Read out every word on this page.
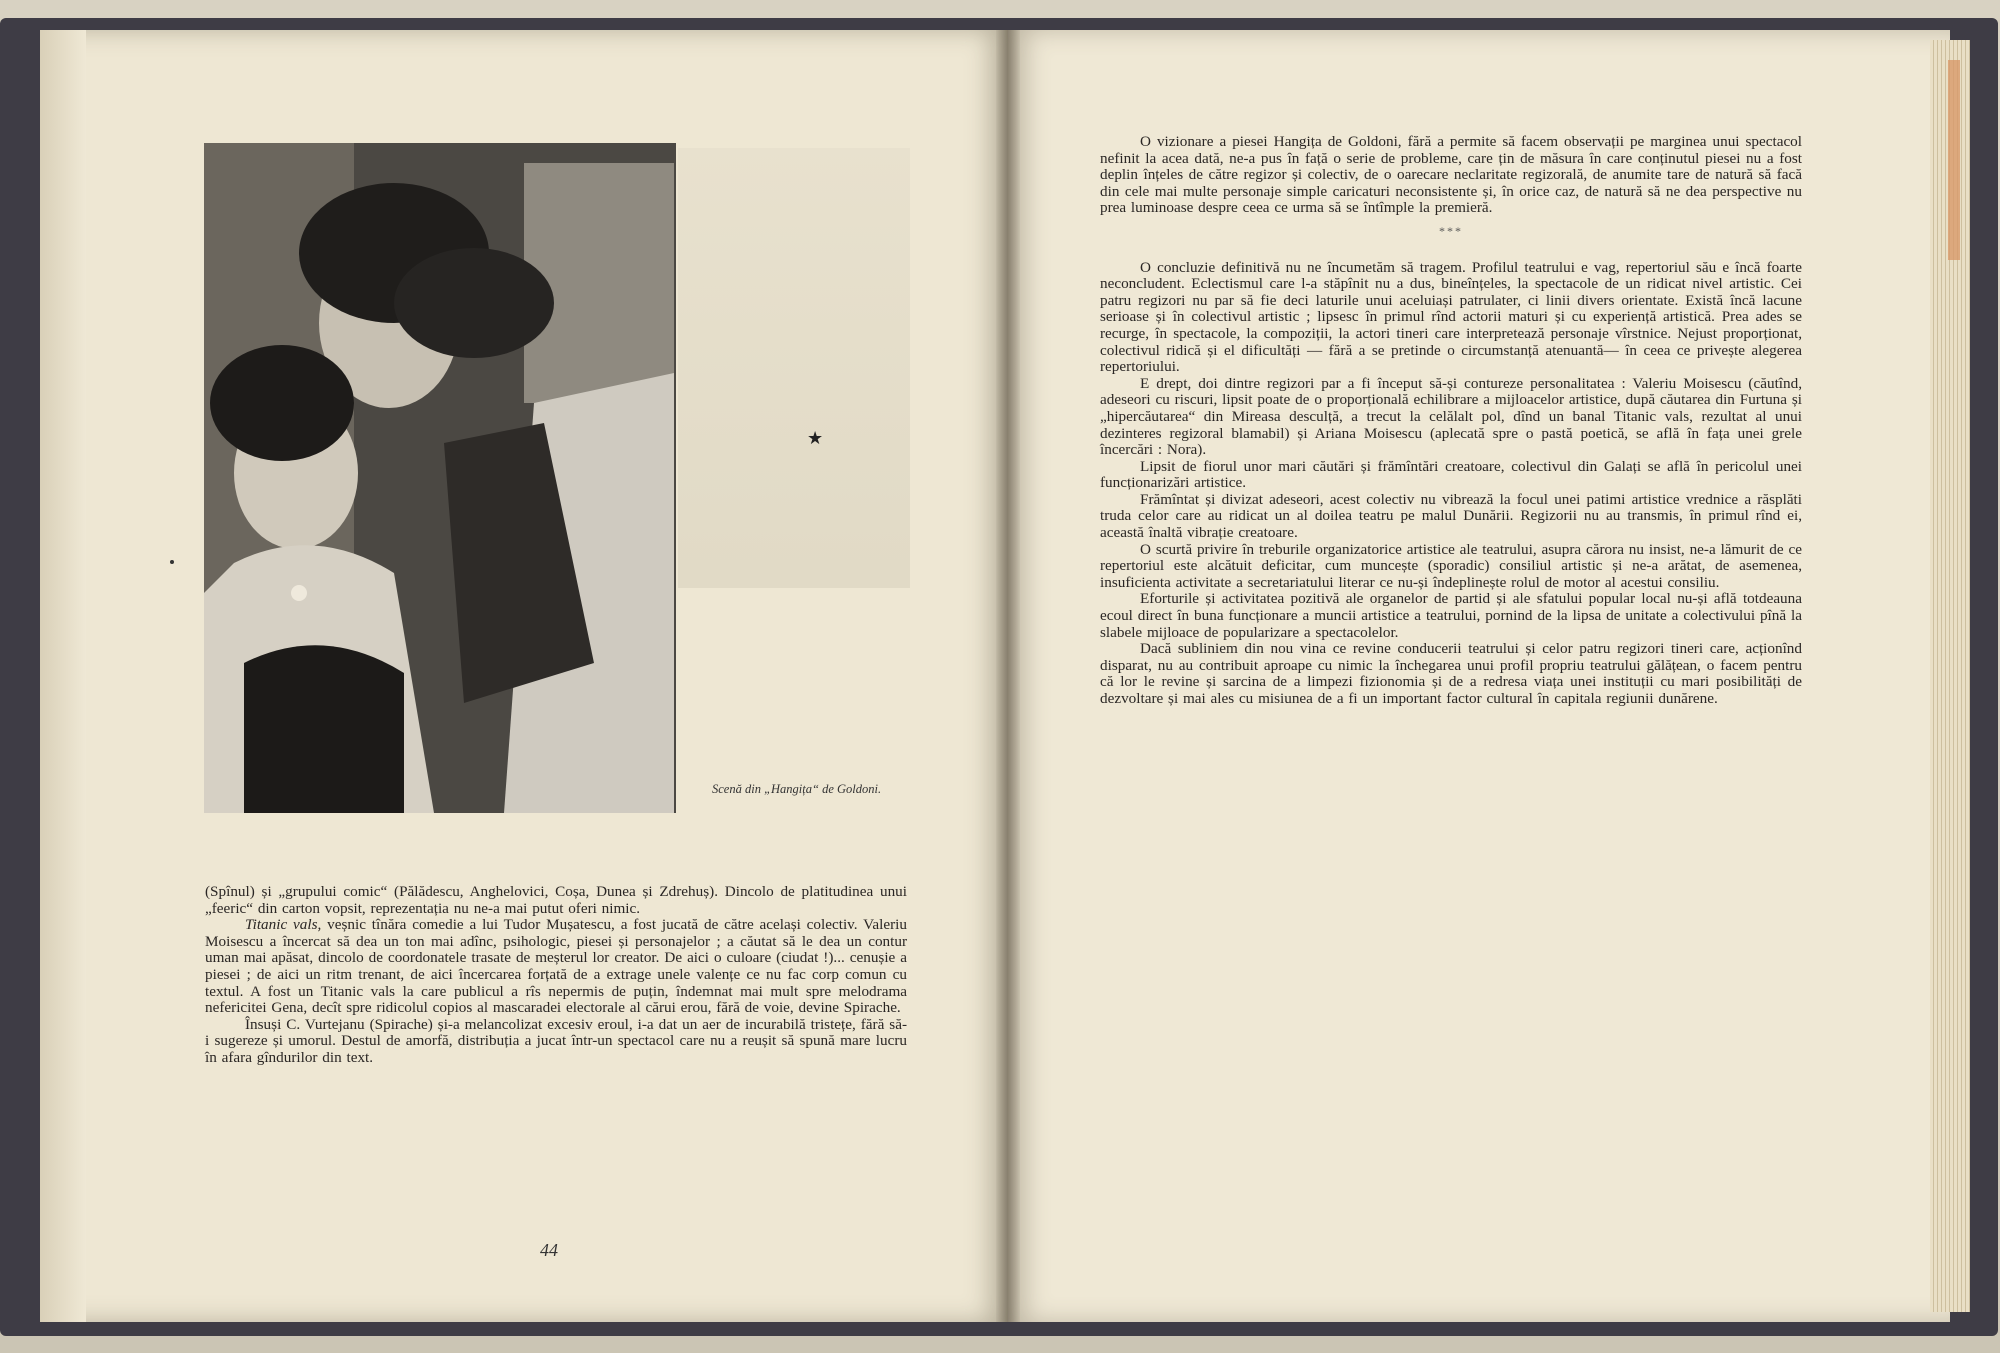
★
Scenă din „Hangița“ de Goldoni.

(Spînul) și „grupului comic“ (Pălădescu, Anghelovici, Coșa, Dunea și Zdrehuș). Dincolo de platitudinea unui „feeric“ din carton vopsit, reprezentația nu ne-a mai putut oferi nimic.

Titanic vals, veșnic tînăra comedie a lui Tudor Mușatescu, a fost jucată de către același colectiv. Valeriu Moisescu a încercat să dea un ton mai adînc, psihologic, piesei și personajelor ; a căutat să le dea un contur uman mai apăsat, dincolo de coordonatele trasate de meșterul lor creator. De aici o culoare (ciudat !)... cenușie a piesei ; de aici un ritm trenant, de aici încercarea forțată de a extrage unele valențe ce nu fac corp comun cu textul. A fost un Titanic vals la care publicul a rîs nepermis de puțin, îndemnat mai mult spre melodrama nefericitei Gena, decît spre ridicolul copios al mascaradei electorale al cărui erou, fără de voie, devine Spirache.

Însuși C. Vurtejanu (Spirache) și-a melancolizat excesiv eroul, i-a dat un aer de incurabilă tristețe, fără să-i sugereze și umorul. Destul de amorfă, distribuția a jucat într-un spectacol care nu a reușit să spună mare lucru în afara gîndurilor din text.

44

O vizionare a piesei Hangița de Goldoni, fără a permite să facem observații pe marginea unui spectacol nefinit la acea dată, ne-a pus în față o serie de probleme, care țin de măsura în care conținutul piesei nu a fost deplin înțeles de către regizor și colectiv, de o oarecare neclaritate regizorală, de anumite tare de natură să facă din cele mai multe personaje simple caricaturi neconsistente și, în orice caz, de natură să ne dea perspective nu prea luminoase despre ceea ce urma să se întîmple la premieră.

***

O concluzie definitivă nu ne încumetăm să tragem. Profilul teatrului e vag, repertoriul său e încă foarte neconcludent. Eclectismul care l-a stăpînit nu a dus, bineînțeles, la spectacole de un ridicat nivel artistic. Cei patru regizori nu par să fie deci laturile unui aceluiași patrulater, ci linii divers orientate. Există încă lacune serioase și în colectivul artistic ; lipsesc în primul rînd actorii maturi și cu experiență artistică. Prea ades se recurge, în spectacole, la compoziții, la actori tineri care interpretează personaje vîrstnice. Nejust proporționat, colectivul ridică și el dificultăți — fără a se pretinde o circumstanță atenuantă— în ceea ce privește alegerea repertoriului.

E drept, doi dintre regizori par a fi început să-și contureze personalitatea : Valeriu Moisescu (căutînd, adeseori cu riscuri, lipsit poate de o proporțională echilibrare a mijloacelor artistice, după căutarea din Furtuna și „hipercăutarea“ din Mireasa desculță, a trecut la celălalt pol, dînd un banal Titanic vals, rezultat al unui dezinteres regizoral blamabil) și Ariana Moisescu (aplecată spre o pastă poetică, se află în fața unei grele încercări : Nora).

Lipsit de fiorul unor mari căutări și frămîntări creatoare, colectivul din Galați se află în pericolul unei funcționarizări artistice.

Frămîntat și divizat adeseori, acest colectiv nu vibrează la focul unei patimi artistice vrednice a răsplăti truda celor care au ridicat un al doilea teatru pe malul Dunării. Regizorii nu au transmis, în primul rînd ei, această înaltă vibrație creatoare.

O scurtă privire în treburile organizatorice artistice ale teatrului, asupra cărora nu insist, ne-a lămurit de ce repertoriul este alcătuit deficitar, cum muncește (sporadic) consiliul artistic și ne-a arătat, de asemenea, insuficienta activitate a secretariatului literar ce nu-și îndeplinește rolul de motor al acestui consiliu.

Eforturile și activitatea pozitivă ale organelor de partid și ale sfatului popular local nu-și află totdeauna ecoul direct în buna funcționare a muncii artistice a teatrului, pornind de la lipsa de unitate a colectivului pînă la slabele mijloace de popularizare a spectacolelor.

Dacă subliniem din nou vina ce revine conducerii teatrului și celor patru regizori tineri care, acționînd disparat, nu au contribuit aproape cu nimic la închegarea unui profil propriu teatrului gălățean, o facem pentru că lor le revine și sarcina de a limpezi fizionomia și de a redresa viața unei instituții cu mari posibilități de dezvoltare și mai ales cu misiunea de a fi un important factor cultural în capitala regiunii dunărene.
